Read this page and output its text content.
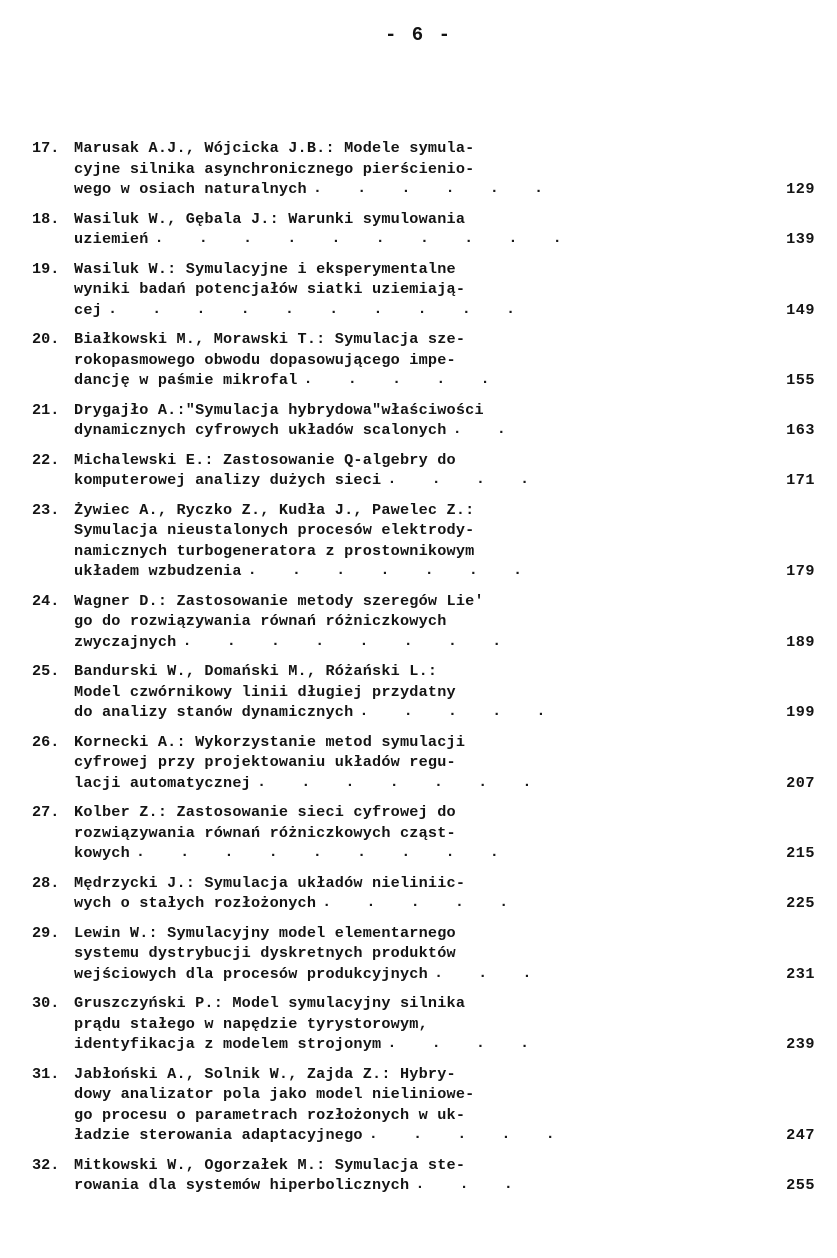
- 6 -
17. Marusak A.J., Wójcicka J.B.: Modele symula-
cyjne silnika asynchronicznego pierścienio-
wego w osiach naturalnych . . . . . .	129
18. Wasiluk W., Gębala J.: Warunki symulowania
uziemień . . . . . . . . . .	139
19. Wasiluk W.: Symulacyjne i eksperymentalne
wyniki badań potencjałów siatki uziemiają-
cej . . . . . . . . . .	149
20. Białkowski M., Morawski T.: Symulacja sze-
rokopasmowego obwodu dopasowującego impe-
dancję w paśmie mikrofal . . . . .	155
21. Drygajło A.:"Symulacja hybrydowa"właściwości
dynamicznych cyfrowych układów scalonych . .	163
22. Michalewski E.: Zastosowanie Q-algebry do
komputerowej analizy dużych sieci . . . .	171
23. Żywiec A., Ryczko Z., Kudła J., Pawelec Z.:
Symulacja nieustalonych procesów elektrody-
namicznych turbogeneratora z prostownikowym
układem wzbudzenia . . . . . . .	179
24. Wagner D.: Zastosowanie metody szeregów Lie'
go do rozwiązywania równań różniczkowych
zwyczajnych . . . . . . . .	189
25. Bandurski W., Domański M., Różański L.:
Model czwórnikowy linii długiej przydatny
do analizy stanów dynamicznych . . . . .	199
26. Kornecki A.: Wykorzystanie metod symulacji
cyfrowej przy projektowaniu układów regu-
lacji automatycznej . . . . . . .	207
27. Kolber Z.: Zastosowanie sieci cyfrowej do
rozwiązywania równań różniczkowych cząst-
kowych . . . . . . . . .	215
28. Mędrzycki J.: Symulacja układów nieliniic-
wych o stałych rozłożonych . . . . .	225
29. Lewin W.: Symulacyjny model elementarnego
systemu dystrybucji dyskretnych produktów
wejściowych dla procesów produkcyjnych . . .	231
30. Gruszczyński P.: Model symulacyjny silnika
prądu stałego w napędzie tyrystorowym,
identyfikacja z modelem strojonym . . . .	239
31. Jabłoński A., Solnik W., Zajda Z.: Hybry-
dowy analizator pola jako model nieliniowe-
go procesu o parametrach rozłożonych w uk-
ładzie sterowania adaptacyjnego . . . . .	247
32. Mitkowski W., Ogorzałek M.: Symulacja ste-
rowania dla systemów hiperbolicznych . . .	255
